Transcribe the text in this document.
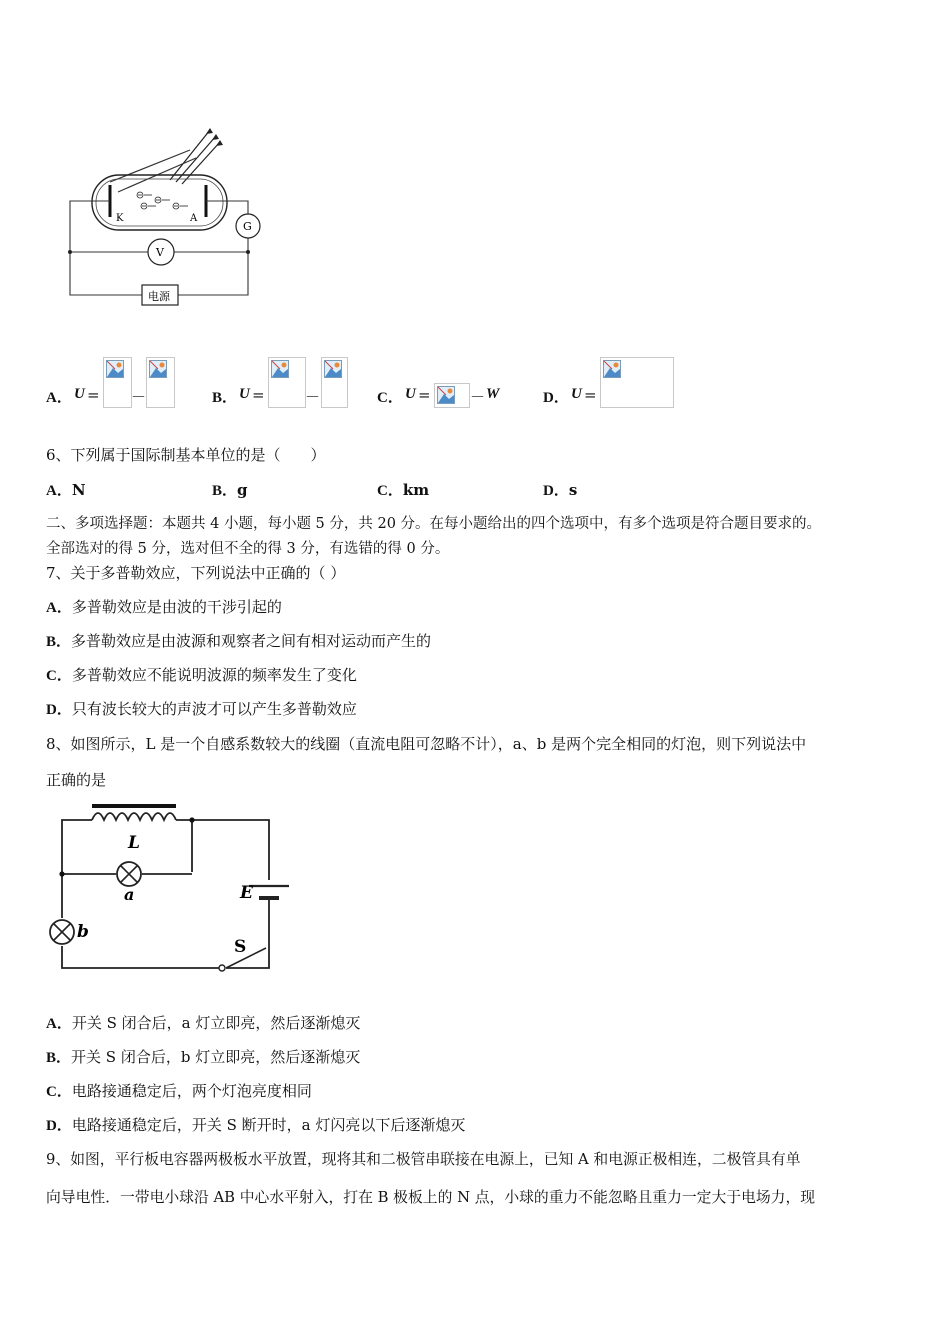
K	A
G
V
电源
A． U = －	B． U =	－	C． U =	－ W	D． U =
6、下列属于国际制基本单位的是（　　）
A．N	B．g	C．km	D．s
二、多项选择题：本题共 4 小题，每小题 5 分，共 20 分。在每小题给出的四个选项中，有多个选项是符合题目要求的。
全部选对的得 5 分，选对但不全的得 3 分，有选错的得 0 分。
7、关于多普勒效应，下列说法中正确的（ ）
A．多普勒效应是由波的干涉引起的
B．多普勒效应是由波源和观察者之间有相对运动而产生的
C．多普勒效应不能说明波源的频率发生了变化
D．只有波长较大的声波才可以产生多普勒效应
8、如图所示，L 是一个自感系数较大的线圈（直流电阻可忽略不计），a、b 是两个完全相同的灯泡，则下列说法中
正确的是
L
a
b
E
S
A．开关 S 闭合后，a 灯立即亮，然后逐渐熄灭
B．开关 S 闭合后，b 灯立即亮，然后逐渐熄灭
C．电路接通稳定后，两个灯泡亮度相同
D．电路接通稳定后，开关 S 断开时，a 灯闪亮以下后逐渐熄灭
9、如图，平行板电容器两极板水平放置，现将其和二极管串联接在电源上，已知 A 和电源正极相连，二极管具有单
向导电性．一带电小球沿 AB 中心水平射入，打在 B 极板上的 N 点，小球的重力不能忽略且重力一定大于电场力，现
